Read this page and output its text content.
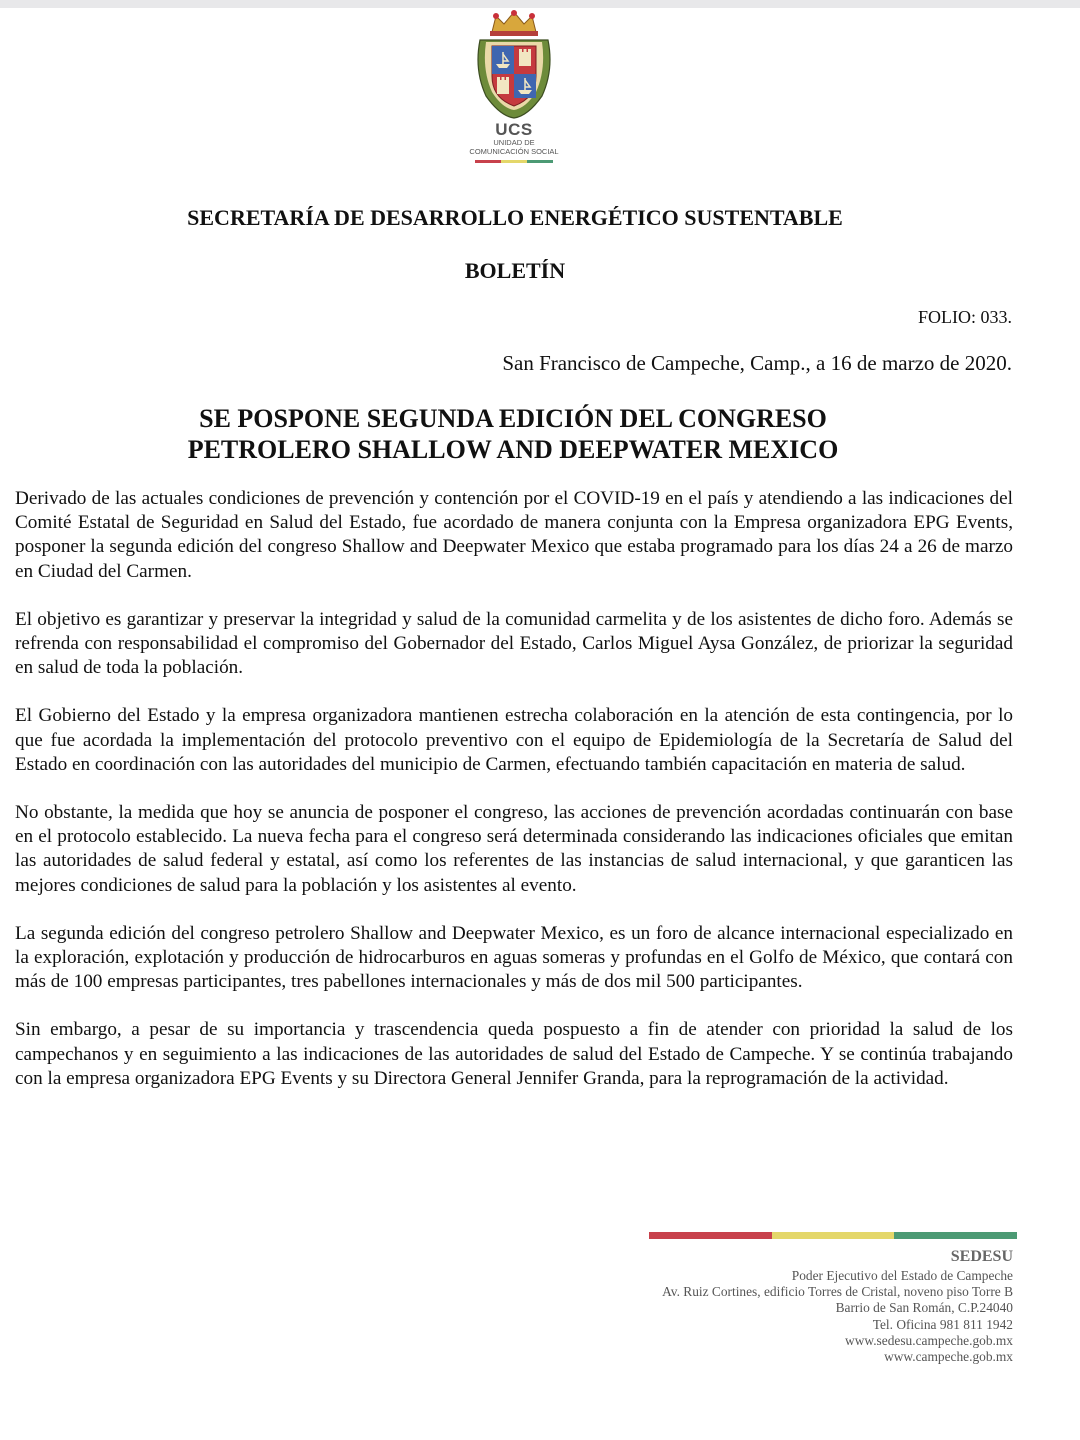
UCS
UNIDAD DE
COMUNICACIÓN SOCIAL
SECRETARÍA DE DESARROLLO ENERGÉTICO SUSTENTABLE
BOLETÍN
FOLIO: 033.
San Francisco de Campeche, Camp., a 16 de marzo de 2020.
SE POSPONE SEGUNDA EDICIÓN DEL CONGRESO
PETROLERO SHALLOW AND DEEPWATER MEXICO

Derivado de las actuales condiciones de prevención y contención por el COVID-19 en el país y atendiendo a las indicaciones del Comité Estatal de Seguridad en Salud del Estado, fue acordado de manera conjunta con la Empresa organizadora EPG Events, posponer la segunda edición del congreso Shallow and Deepwater Mexico que estaba programado para los días 24 a 26 de marzo en Ciudad del Carmen.

El objetivo es garantizar y preservar la integridad y salud de la comunidad carmelita y de los asistentes de dicho foro. Además se refrenda con responsabilidad el compromiso del Gobernador del Estado, Carlos Miguel Aysa González, de priorizar la seguridad en salud de toda la población.

El Gobierno del Estado y la empresa organizadora mantienen estrecha colaboración en la atención de esta contingencia, por lo que fue acordada la implementación del protocolo preventivo con el equipo de Epidemiología de la Secretaría de Salud del Estado en coordinación con las autoridades del municipio de Carmen, efectuando también capacitación en materia de salud.

No obstante, la medida que hoy se anuncia de posponer el congreso, las acciones de prevención acordadas continuarán con base en el protocolo establecido. La nueva fecha para el congreso será determinada considerando las indicaciones oficiales que emitan las autoridades de salud federal y estatal, así como los referentes de las instancias de salud internacional, y que garanticen las mejores condiciones de salud para la población y los asistentes al evento.

La segunda edición del congreso petrolero Shallow and Deepwater Mexico, es un foro de alcance internacional especializado en la exploración, explotación y producción de hidrocarburos en aguas someras y profundas en el Golfo de México, que contará con más de 100 empresas participantes, tres pabellones internacionales y más de dos mil 500 participantes.

Sin embargo, a pesar de su importancia y trascendencia queda pospuesto a fin de atender con prioridad la salud de los campechanos y en seguimiento a las indicaciones de las autoridades de salud del Estado de Campeche. Y se continúa trabajando con la empresa organizadora EPG Events y su Directora General Jennifer Granda, para la reprogramación de la actividad.

SEDESU
Poder Ejecutivo del Estado de Campeche
Av. Ruiz Cortines, edificio Torres de Cristal, noveno piso Torre B
Barrio de San Román, C.P.24040
Tel. Oficina 981 811 1942
www.sedesu.campeche.gob.mx
www.campeche.gob.mx
